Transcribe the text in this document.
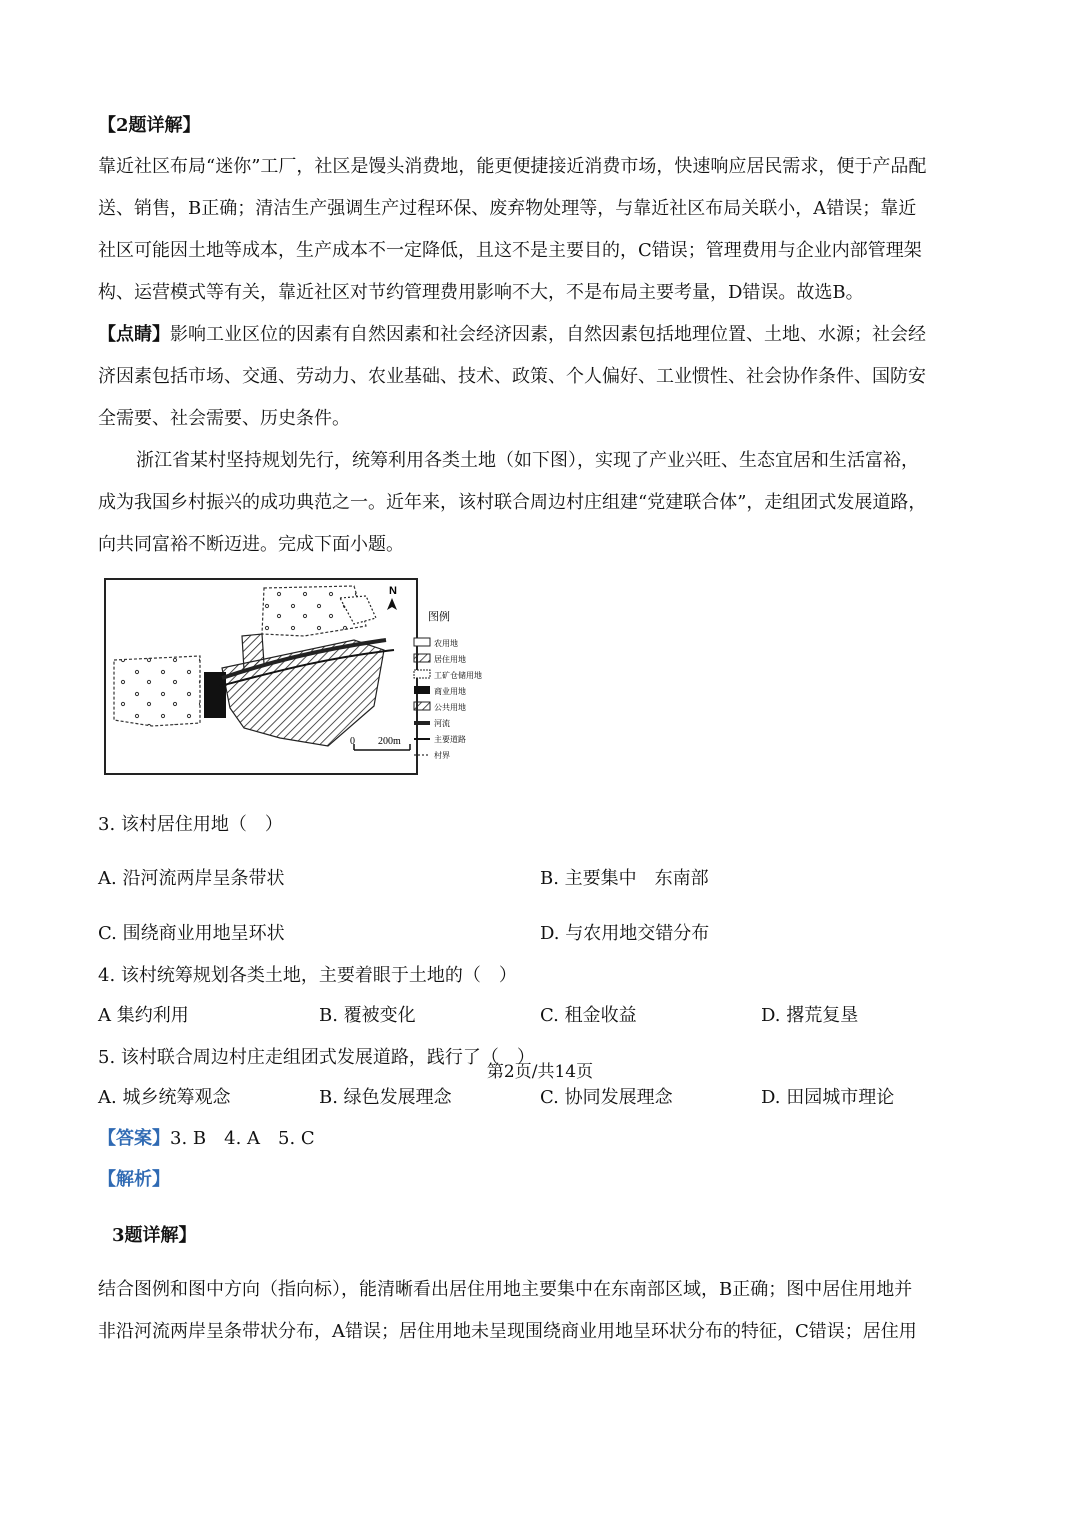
【2题详解】
靠近社区布局“迷你”工厂，社区是馒头消费地，能更便捷接近消费市场，快速响应居民需求，便于产品配
送、销售，B正确；清洁生产强调生产过程环保、废弃物处理等，与靠近社区布局关联小，A错误；靠近
社区可能因土地等成本，生产成本不一定降低，且这不是主要目的，C错误；管理费用与企业内部管理架
构、运营模式等有关，靠近社区对节约管理费用影响不大，不是布局主要考量，D错误。故选B。
【点睛】影响工业区位的因素有自然因素和社会经济因素，自然因素包括地理位置、土地、水源；社会经
济因素包括市场、交通、劳动力、农业基础、技术、政策、个人偏好、工业惯性、社会协作条件、国防安
全需要、社会需要、历史条件。
浙江省某村坚持规划先行，统筹利用各类土地（如下图），实现了产业兴旺、生态宜居和生活富裕，
成为我国乡村振兴的成功典范之一。近年来，该村联合周边村庄组建“党建联合体”，走组团式发展道路，
向共同富裕不断迈进。完成下面小题。
N
0 200m
图例
农用地
居住用地
工矿仓储用地
商业用地
公共用地
河流
主要道路
村界
3. 该村居住用地（　）
A. 沿河流两岸呈条带状	B. 主要集中　东南部
C. 围绕商业用地呈环状	D. 与农用地交错分布
4. 该村统筹规划各类土地，主要着眼于土地的（　）
A 集约利用	B. 覆被变化	C. 租金收益	D. 撂荒复垦
5. 该村联合周边村庄走组团式发展道路，践行了（　）
A. 城乡统筹观念	B. 绿色发展理念	C. 协同发展理念	D. 田园城市理论
【答案】3. B　4. A　5. C
【解析】
3题详解】
结合图例和图中方向（指向标），能清晰看出居住用地主要集中在东南部区域，B正确；图中居住用地并
非沿河流两岸呈条带状分布，A错误；居住用地未呈现围绕商业用地呈环状分布的特征，C错误；居住用
第2页/共14页
